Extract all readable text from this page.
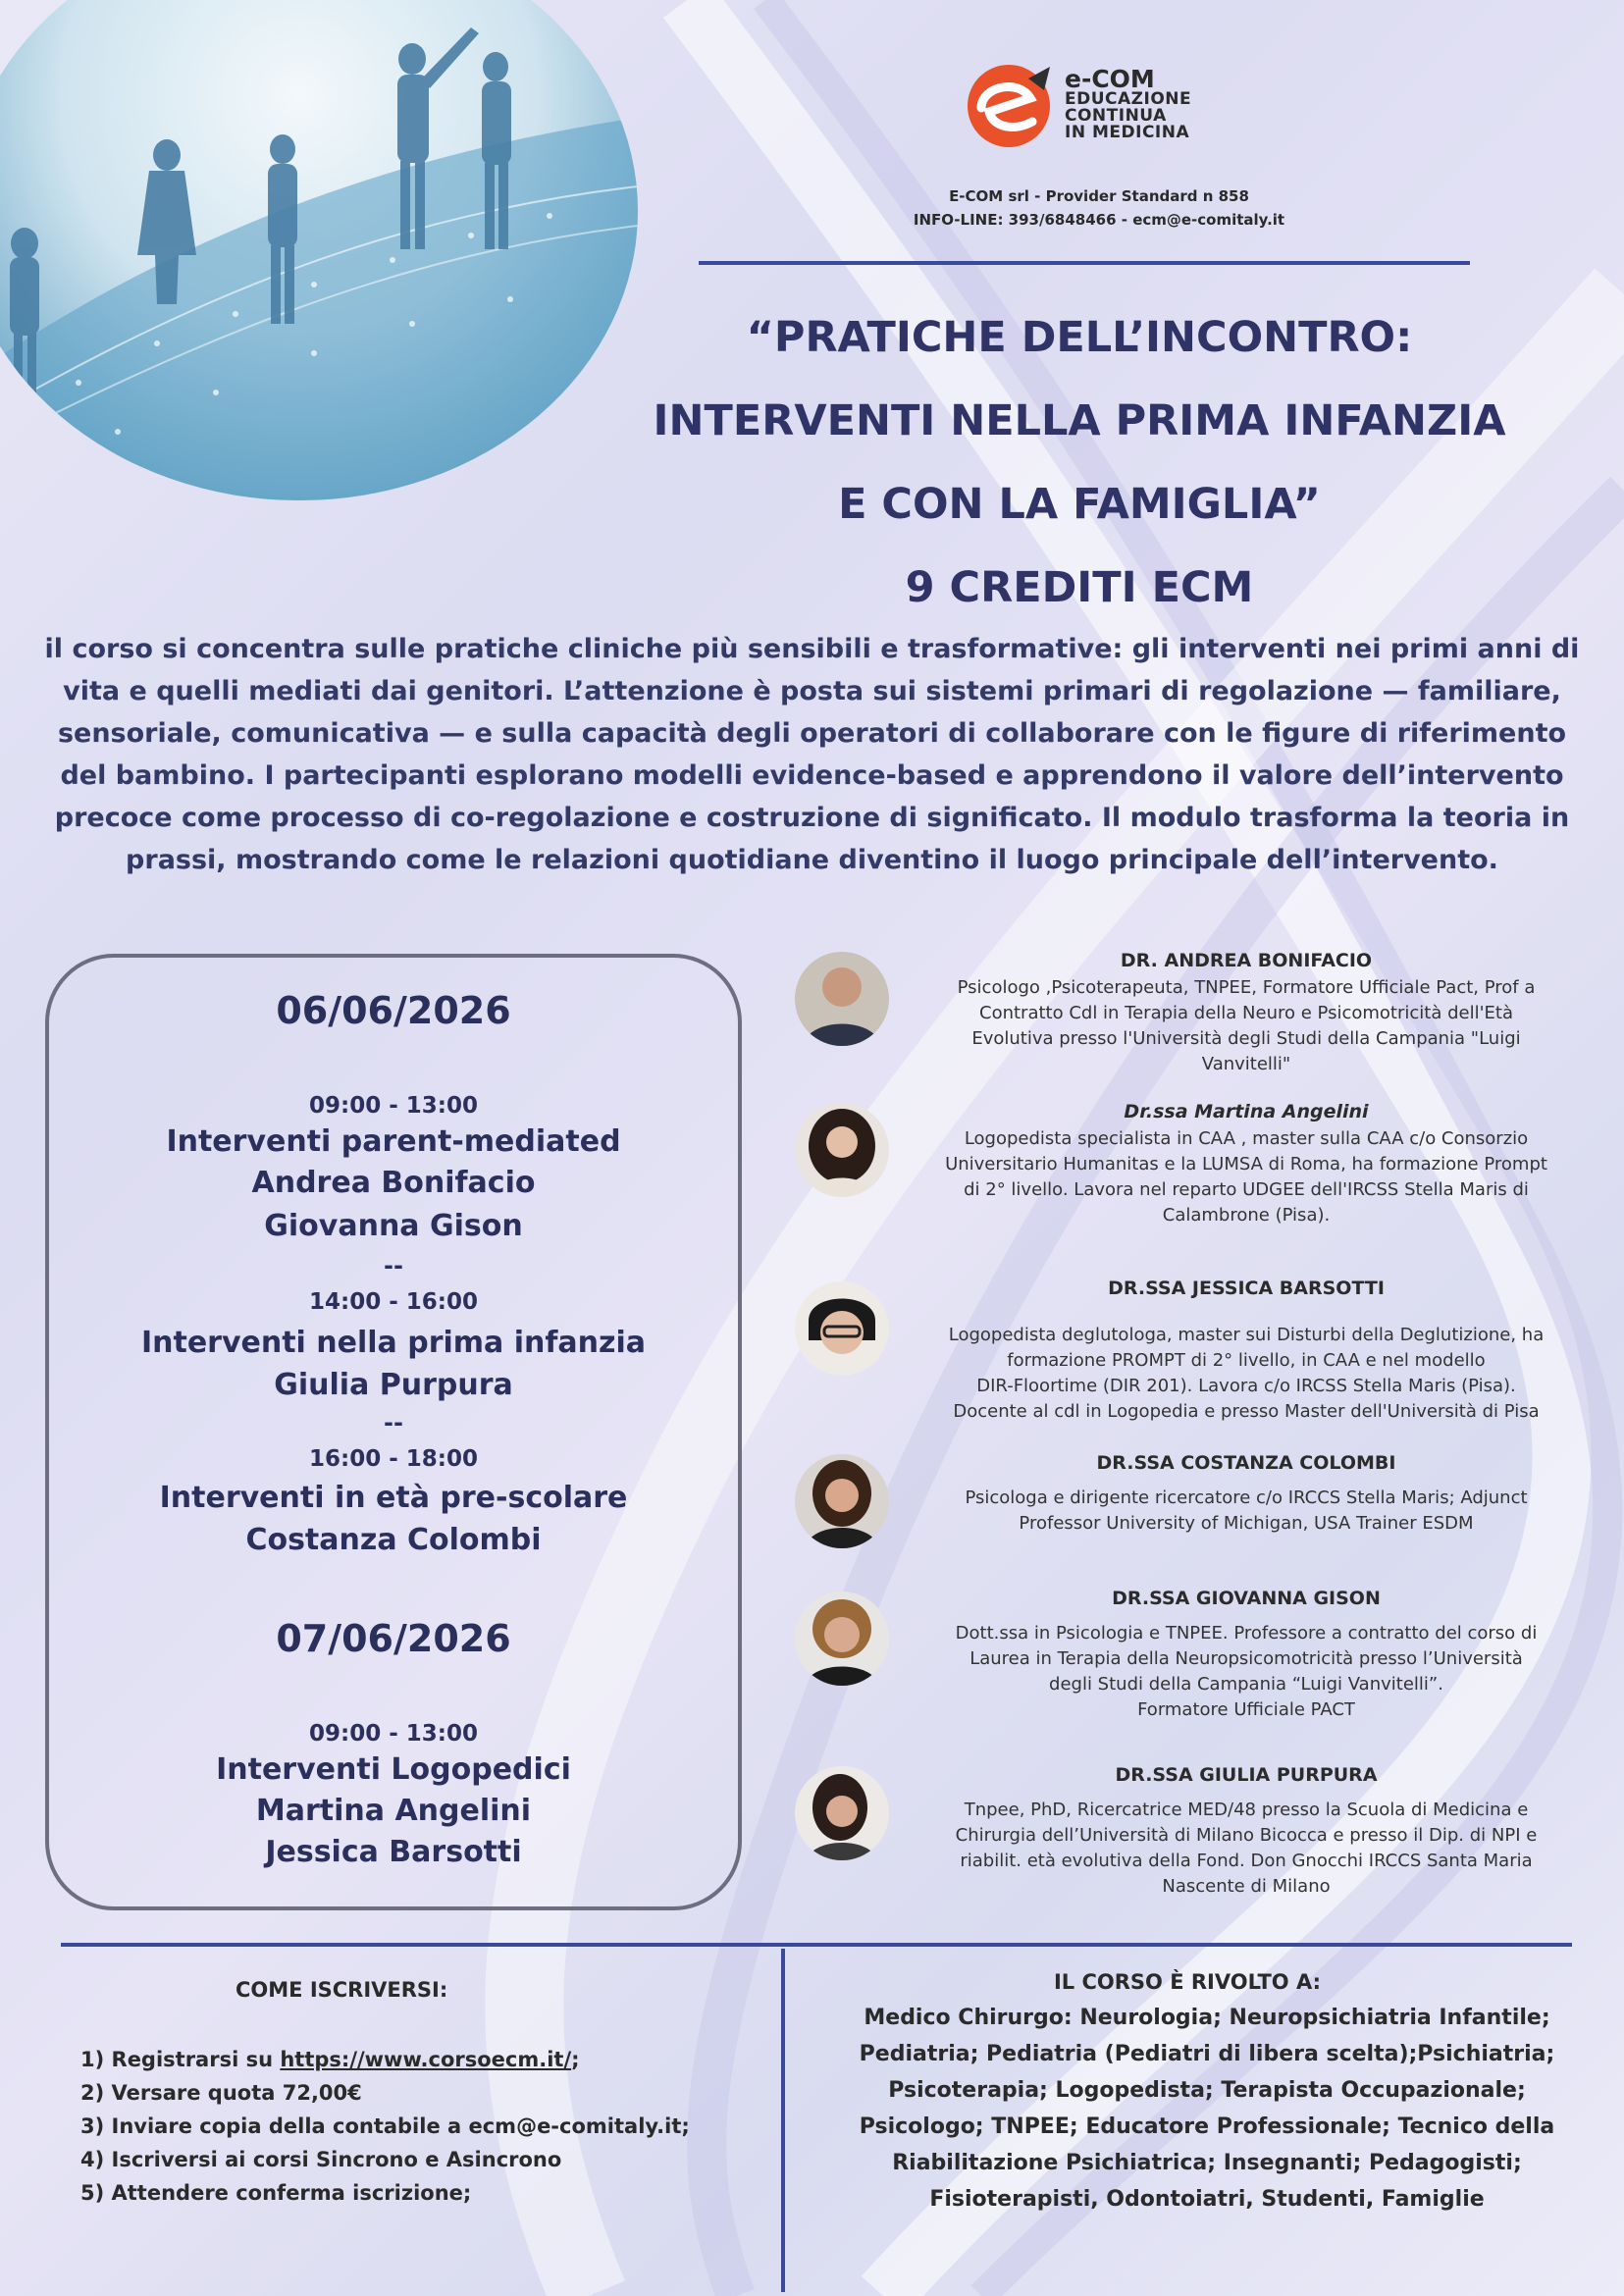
e-COM
EDUCAZIONE
CONTINUA
IN MEDICINA
E-COM srl - Provider Standard n 858
INFO-LINE: 393/6848466 - ecm@e-comitaly.it
“PRATICHE DELL’INCONTRO:
INTERVENTI NELLA PRIMA INFANZIA
E CON LA FAMIGLIA”
9 CREDITI ECM
il corso si concentra sulle pratiche cliniche più sensibili e trasformative: gli interventi nei primi anni di vita e quelli mediati dai genitori. L’attenzione è posta sui sistemi primari di regolazione — familiare, sensoriale, comunicativa — e sulla capacità degli operatori di collaborare con le figure di riferimento del bambino. I partecipanti esplorano modelli evidence-based e apprendono il valore dell’intervento precoce come processo di co-regolazione e costruzione di significato. Il modulo trasforma la teoria in prassi, mostrando come le relazioni quotidiane diventino il luogo principale dell’intervento.
06/06/2026
09:00 - 13:00
Interventi parent-mediated
Andrea Bonifacio
Giovanna Gison
--
14:00 - 16:00
Interventi nella prima infanzia
Giulia Purpura
--
16:00 - 18:00
Interventi in età pre-scolare
Costanza Colombi
07/06/2026
09:00 - 13:00
Interventi Logopedici
Martina Angelini
Jessica Barsotti
DR. ANDREA BONIFACIO
Psicologo ,Psicoterapeuta, TNPEE, Formatore Ufficiale Pact, Prof a
Contratto Cdl in Terapia della Neuro e Psicomotricità dell'Età
Evolutiva presso l'Università degli Studi della Campania "Luigi
Vanvitelli"
Dr.ssa Martina Angelini
Logopedista specialista in CAA , master sulla CAA c/o Consorzio
Universitario Humanitas e la LUMSA di Roma, ha formazione Prompt
di 2° livello. Lavora nel reparto UDGEE dell'IRCSS Stella Maris di
Calambrone (Pisa).
DR.SSA JESSICA BARSOTTI
Logopedista deglutologa, master sui Disturbi della Deglutizione, ha
formazione PROMPT di 2° livello, in CAA e nel modello
DIR-Floortime (DIR 201). Lavora c/o IRCSS Stella Maris (Pisa).
Docente al cdl in Logopedia e presso Master dell'Università di Pisa
DR.SSA COSTANZA COLOMBI
Psicologa e dirigente ricercatore c/o IRCCS Stella Maris; Adjunct
Professor University of Michigan, USA Trainer ESDM
DR.SSA GIOVANNA GISON
Dott.ssa in Psicologia e TNPEE. Professore a contratto del corso di
Laurea in Terapia della Neuropsicomotricità presso l’Università
degli Studi della Campania “Luigi Vanvitelli”.
Formatore Ufficiale PACT
DR.SSA GIULIA PURPURA
Tnpee, PhD, Ricercatrice MED/48 presso la Scuola di Medicina e
Chirurgia dell’Università di Milano Bicocca e presso il Dip. di NPI e
riabilit. età evolutiva della Fond. Don Gnocchi IRCCS Santa Maria
Nascente di Milano
COME ISCRIVERSI:
1) Registrarsi su https://www.corsoecm.it/;
2) Versare quota 72,00€
3) Inviare copia della contabile a ecm@e-comitaly.it;
4) Iscriversi ai corsi Sincrono e Asincrono
5) Attendere conferma iscrizione;
IL CORSO È RIVOLTO A:
Medico Chirurgo: Neurologia; Neuropsichiatria Infantile; Pediatria; Pediatria (Pediatri di libera scelta);Psichiatria; Psicoterapia; Logopedista; Terapista Occupazionale; Psicologo; TNPEE; Educatore Professionale; Tecnico della Riabilitazione Psichiatrica; Insegnanti; Pedagogisti; Fisioterapisti, Odontoiatri, Studenti, Famiglie
